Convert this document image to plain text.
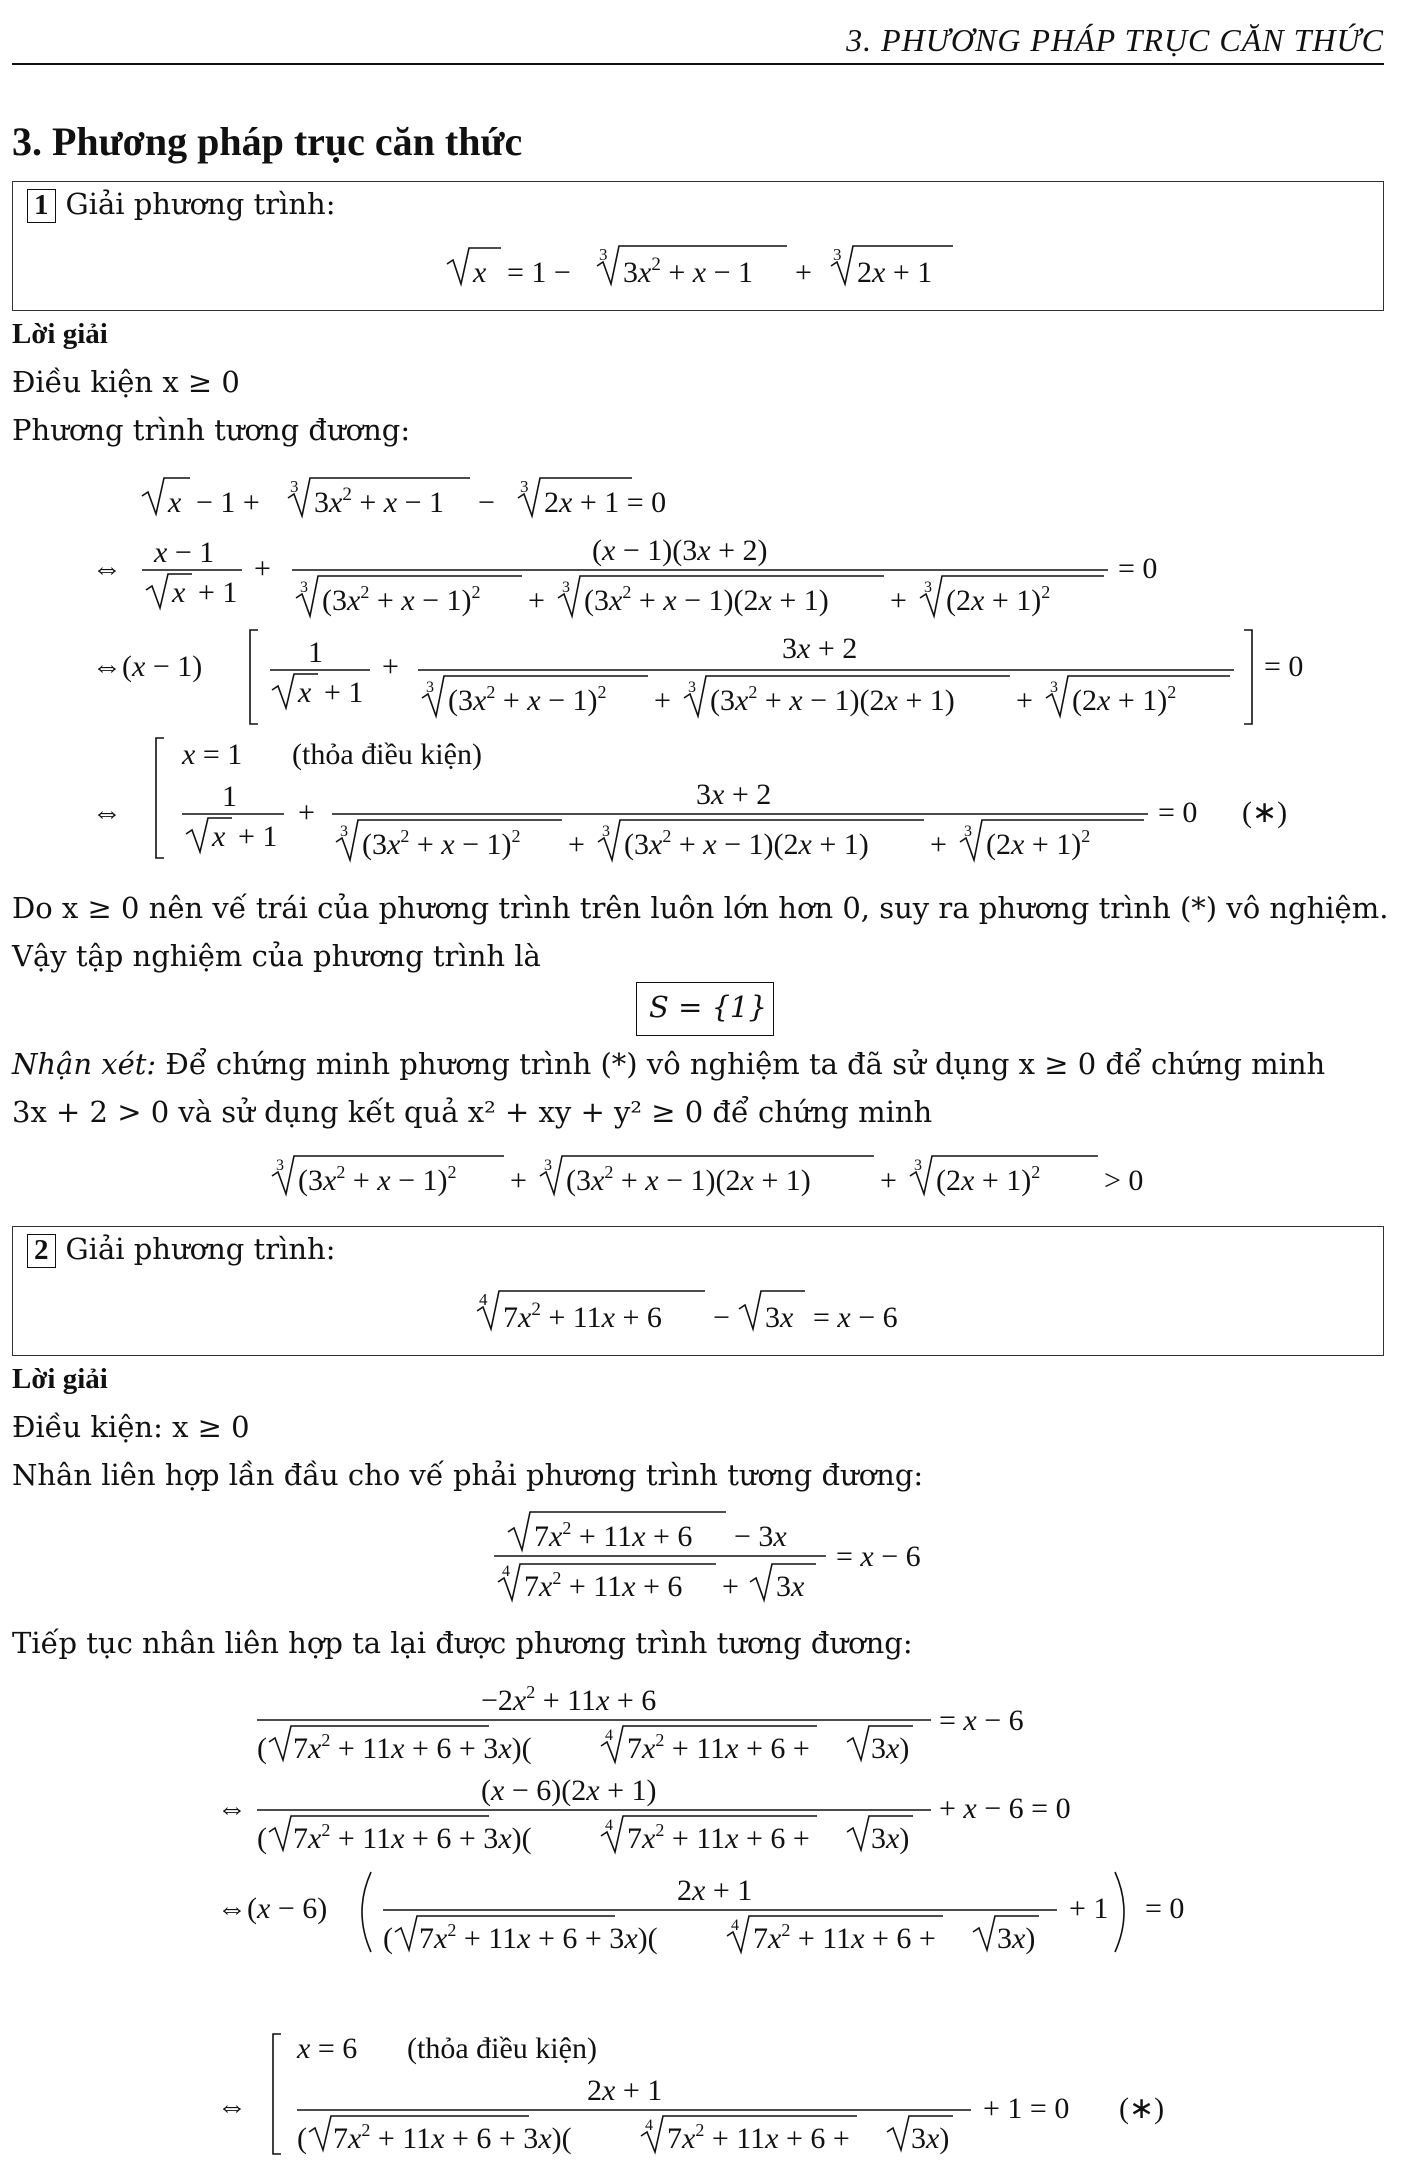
3. PHƯƠNG PHÁP TRỤC CĂN THỨC
3. Phương pháp trục căn thức
1 Giải phương trình:
x = 1 −
3
$3x^2 + x - 1$ +
3
2x + 1
Lời giải
Điều kiện x ≥ 0
Phương trình tương đương:
x − 1 + 3 $3x^2 + x - 1 - 3$ 2x + 1 = 0
⇔ x − 1
x + 1
+
(x − 1)(3x + 2)
3 $(3x^2 + x - 1)^2 + 3$ $(3x^2 + x - 1)(2x + 1) + 3$ $(2x + 1)^2$
= 0
⇔(x − 1)	1
x + 1
+
3x + 2
3 $(3x^2 + x - 1)^2 + 3$ $(3x^2 + x - 1)(2x + 1) + 3$ $(2x + 1)^2$
= 0
⇔
x = 1 (thỏa điều kiện)
1
x + 1
+
3x + 2
3 $(3x^2 + x - 1)^2 + 3$ $(3x^2 + x - 1)(2x + 1) + 3$ $(2x + 1)^2$
= 0 (∗)
Do x ≥ 0 nên vế trái của phương trình trên luôn lớn hơn 0, suy ra phương trình (*) vô nghiệm.
Vậy tập nghiệm của phương trình là
S = {1}
Nhận xét: Để chứng minh phương trình (*) vô nghiệm ta đã sử dụng x ≥ 0 để chứng minh
3x + 2 > 0 và sử dụng kết quả x² + xy + y² ≥ 0 để chứng minh
3 $(3x^2 + x - 1)^2 + 3$ $(3x^2 + x - 1)(2x + 1) + 3$ $(2x + 1)^2 > 0$
2 Giải phương trình:
4
$7x^2 + 11x + 6 - 3x = x - 6$
Lời giải
Điều kiện: x ≥ 0
Nhân liên hợp lần đầu cho vế phải phương trình tương đương:
$7x^2 + 11x + 6 - 3x$
4 $7x^2 + 11x + 6 + 3x$
= x − 6
Tiếp tục nhân liên hợp ta lại được phương trình tương đương:
$-2x^2 + 11x + 6$
( $7x^2 + 11x + 6 + 3x$)(	4 $7x^2 + 11x + 6 + 3x$)
= x − 6
⇔
(x − 6)(2x + 1)
( $7x^2 + 11x + 6 + 3x$)(	4 $7x^2 + 11x + 6 + 3x$)
+ x − 6 = 0
⇔(x − 6)
2x + 1
( $7x^2 + 11x + 6 + 3x$)(	4 $7x^2 + 11x + 6 + 3x$)
+ 1 = 0
⇔
x = 6 (thỏa điều kiện)
2x + 1
( $7x^2 + 11x + 6 + 3x$)(	4 $7x^2 + 11x + 6 + 3x$)
+ 1 = 0 (∗)
